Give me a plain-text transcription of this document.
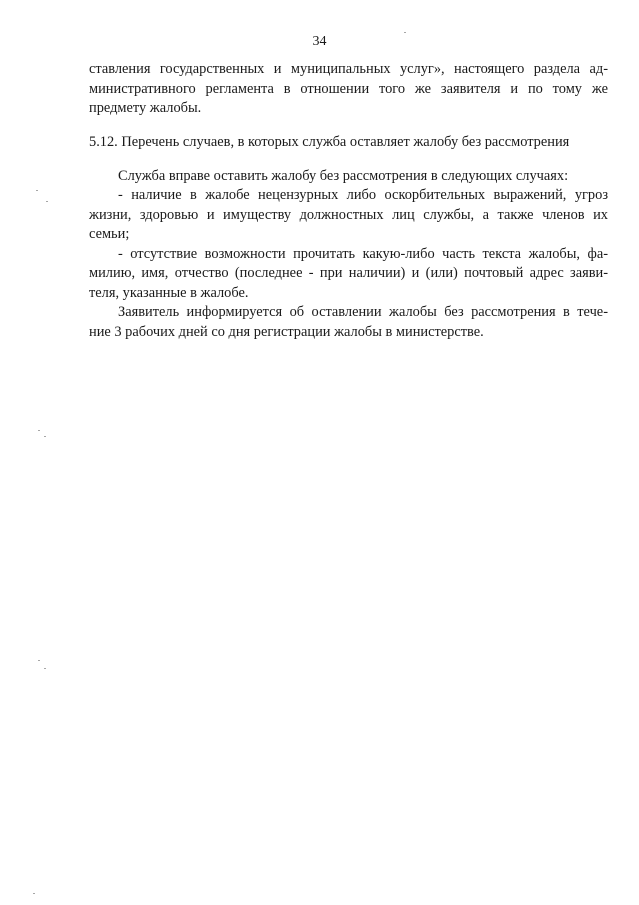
34
ставления государственных и муниципальных услуг», настоящего раздела ад-
министративного регламента в отношении того же заявителя и по тому же
предмету жалобы.
5.12. Перечень случаев, в которых служба оставляет жалобу без рассмотрения
Служба вправе оставить жалобу без рассмотрения в следующих случаях:
- наличие в жалобе нецензурных либо оскорбительных выражений, угроз
жизни, здоровью и имуществу должностных лиц службы, а также членов их
семьи;
- отсутствие возможности прочитать какую-либо часть текста жалобы, фа-
милию, имя, отчество (последнее - при наличии) и (или) почтовый адрес заяви-
теля, указанные в жалобе.
Заявитель информируется об оставлении жалобы без рассмотрения в тече-
ние 3 рабочих дней со дня регистрации жалобы в министерстве.
